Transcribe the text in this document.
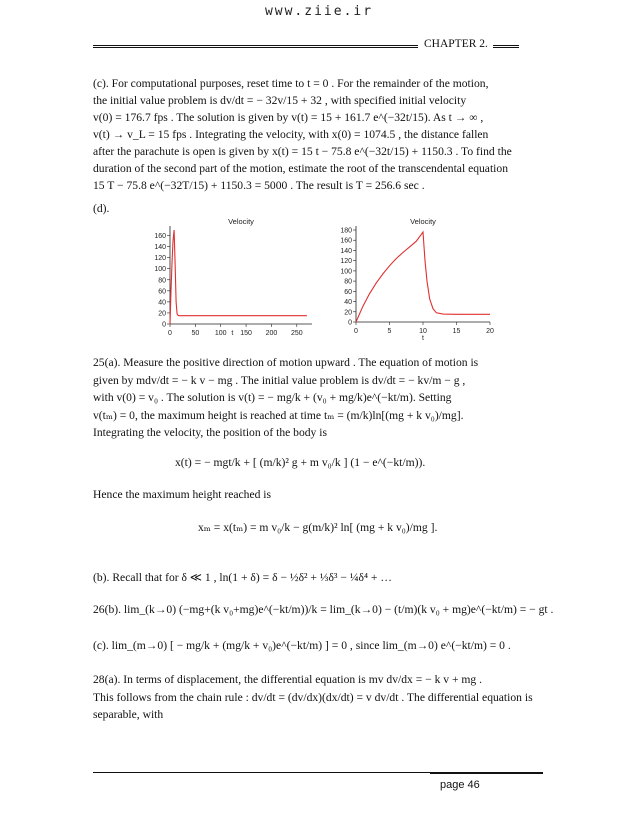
www.ziie.ir
CHAPTER 2.
(c). For computational purposes, reset time to t = 0 . For the remainder of the motion,
the initial value problem is dv/dt = − 32v/15 + 32 , with specified initial velocity
v(0) = 176.7 fps . The solution is given by v(t) = 15 + 161.7 e^(−32t/15). As t → ∞ ,
v(t) → v_L = 15 fps . Integrating the velocity, with x(0) = 1074.5 , the distance fallen
after the parachute is open is given by x(t) = 15 t − 75.8 e^(−32t/15) + 1150.3 . To find the
duration of the second part of the motion, estimate the root of the transcendental equation
15 T − 75.8 e^(−32T/15) + 1150.3 = 5000 . The result is T = 256.6 sec .
(d).
Velocity
0
20
40
60
80
100
120
140
160
0	50 100 150 200 250
t
Velocity
0
20
40
60
80
100
120
140
160
180
0	5	10	15	20
t
25(a). Measure the positive direction of motion upward . The equation of motion is
given by mdv/dt = − k v − mg . The initial value problem is dv/dt = − kv/m − g ,
with v(0) = v₀ . The solution is v(t) = − mg/k + (v₀ + mg/k)e^(−kt/m). Setting
v(tₘ) = 0, the maximum height is reached at time tₘ = (m/k)ln[(mg + k v₀)/mg].
Integrating the velocity, the position of the body is
x(t) = − mgt/k + [ (m/k)² g + m v₀/k ] (1 − e^(−kt/m)).
Hence the maximum height reached is
xₘ = x(tₘ) = m v₀/k − g(m/k)² ln[ (mg + k v₀)/mg ].
(b). Recall that for δ ≪ 1 , ln(1 + δ) = δ − ½δ² + ⅓δ³ − ¼δ⁴ + …
26(b). lim_(k→0) (−mg+(k v₀+mg)e^(−kt/m))/k = lim_(k→0) − (t/m)(k v₀ + mg)e^(−kt/m) = − gt .
(c). lim_(m→0) [ − mg/k + (mg/k + v₀)e^(−kt/m) ] = 0 , since lim_(m→0) e^(−kt/m) = 0 .
28(a). In terms of displacement, the differential equation is mv dv/dx = − k v + mg .
This follows from the chain rule : dv/dt = (dv/dx)(dx/dt) = v dv/dt . The differential equation is
separable, with
page 46
